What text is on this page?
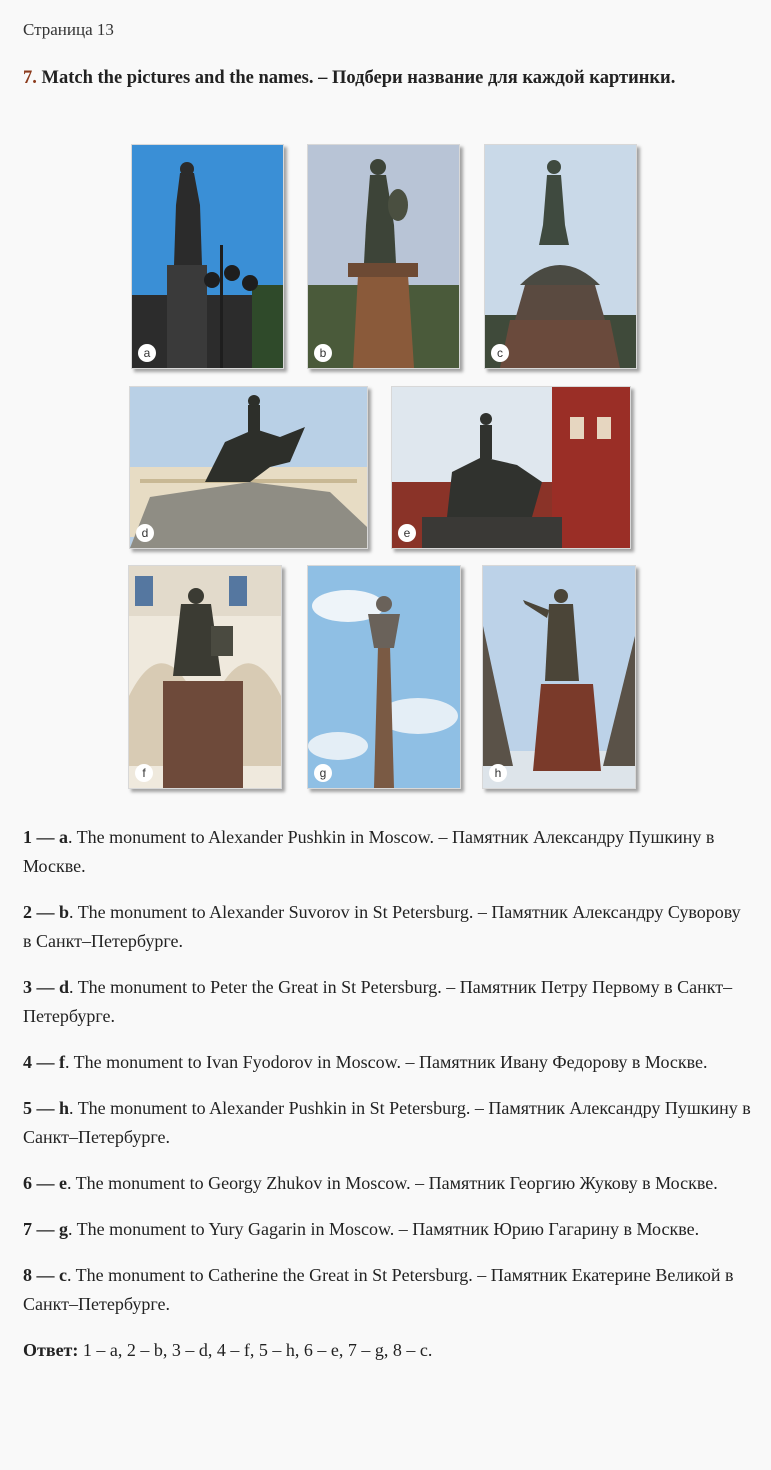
Страница 13
7. Match the pictures and the names. – Подбери название для каждой картинки.
a	b	c
d	e
f	g	h

1 — a. The monument to Alexander Pushkin in Moscow. – Памятник Александру Пушкину в Москве.

2 — b. The monument to Alexander Suvorov in St Petersburg. – Памятник Александру Суворову в Санкт–Петербурге.

3 — d. The monument to Peter the Great in St Petersburg. – Памятник Петру Первому в Санкт–Петербурге.

4 — f. The monument to Ivan Fyodorov in Moscow. – Памятник Ивану Федорову в Москве.

5 — h. The monument to Alexander Pushkin in St Petersburg. – Памятник Александру Пушкину в Санкт–Петербурге.

6 — e. The monument to Georgy Zhukov in Moscow. – Памятник Георгию Жукову в Москве.

7 — g. The monument to Yury Gagarin in Moscow. – Памятник Юрию Гагарину в Москве.

8 — c. The monument to Catherine the Great in St Petersburg. – Памятник Екатерине Великой в Санкт–Петербурге.

Ответ: 1 – a, 2 – b, 3 – d, 4 – f, 5 – h, 6 – e, 7 – g, 8 – c.
